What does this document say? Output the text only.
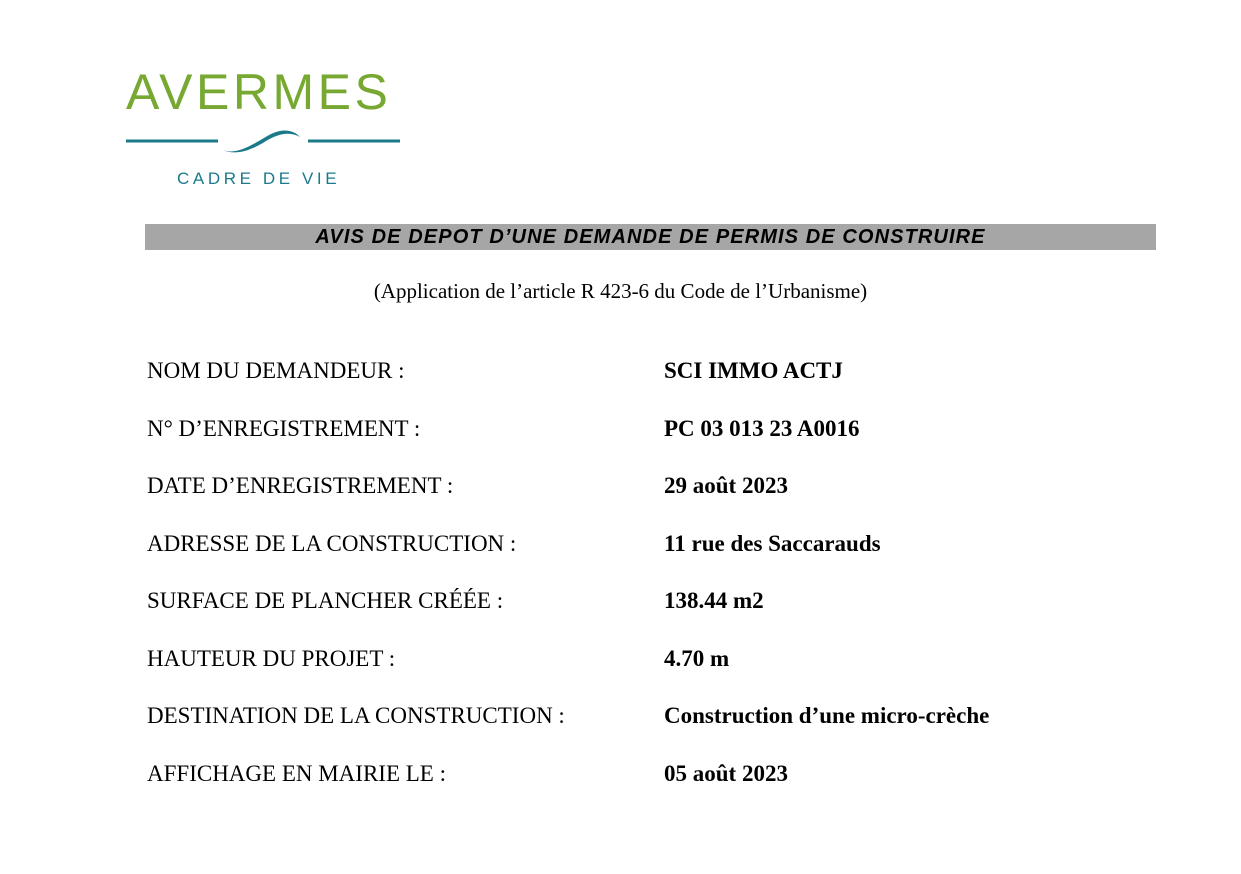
AVERMES
CADRE DE VIE
AVIS DE DEPOT D’UNE DEMANDE DE PERMIS DE CONSTRUIRE
(Application de l’article R 423-6 du Code de l’Urbanisme)
NOM DU DEMANDEUR :	SCI IMMO ACTJ
N° D’ENREGISTREMENT :	PC 03 013 23 A0016
DATE D’ENREGISTREMENT :	29 août 2023
ADRESSE DE LA CONSTRUCTION :	11 rue des Saccarauds
SURFACE DE PLANCHER CRÉÉE :	138.44 m2
HAUTEUR DU PROJET :	4.70 m
DESTINATION DE LA CONSTRUCTION :	Construction d’une micro-crèche
AFFICHAGE EN MAIRIE LE :	05 août 2023
